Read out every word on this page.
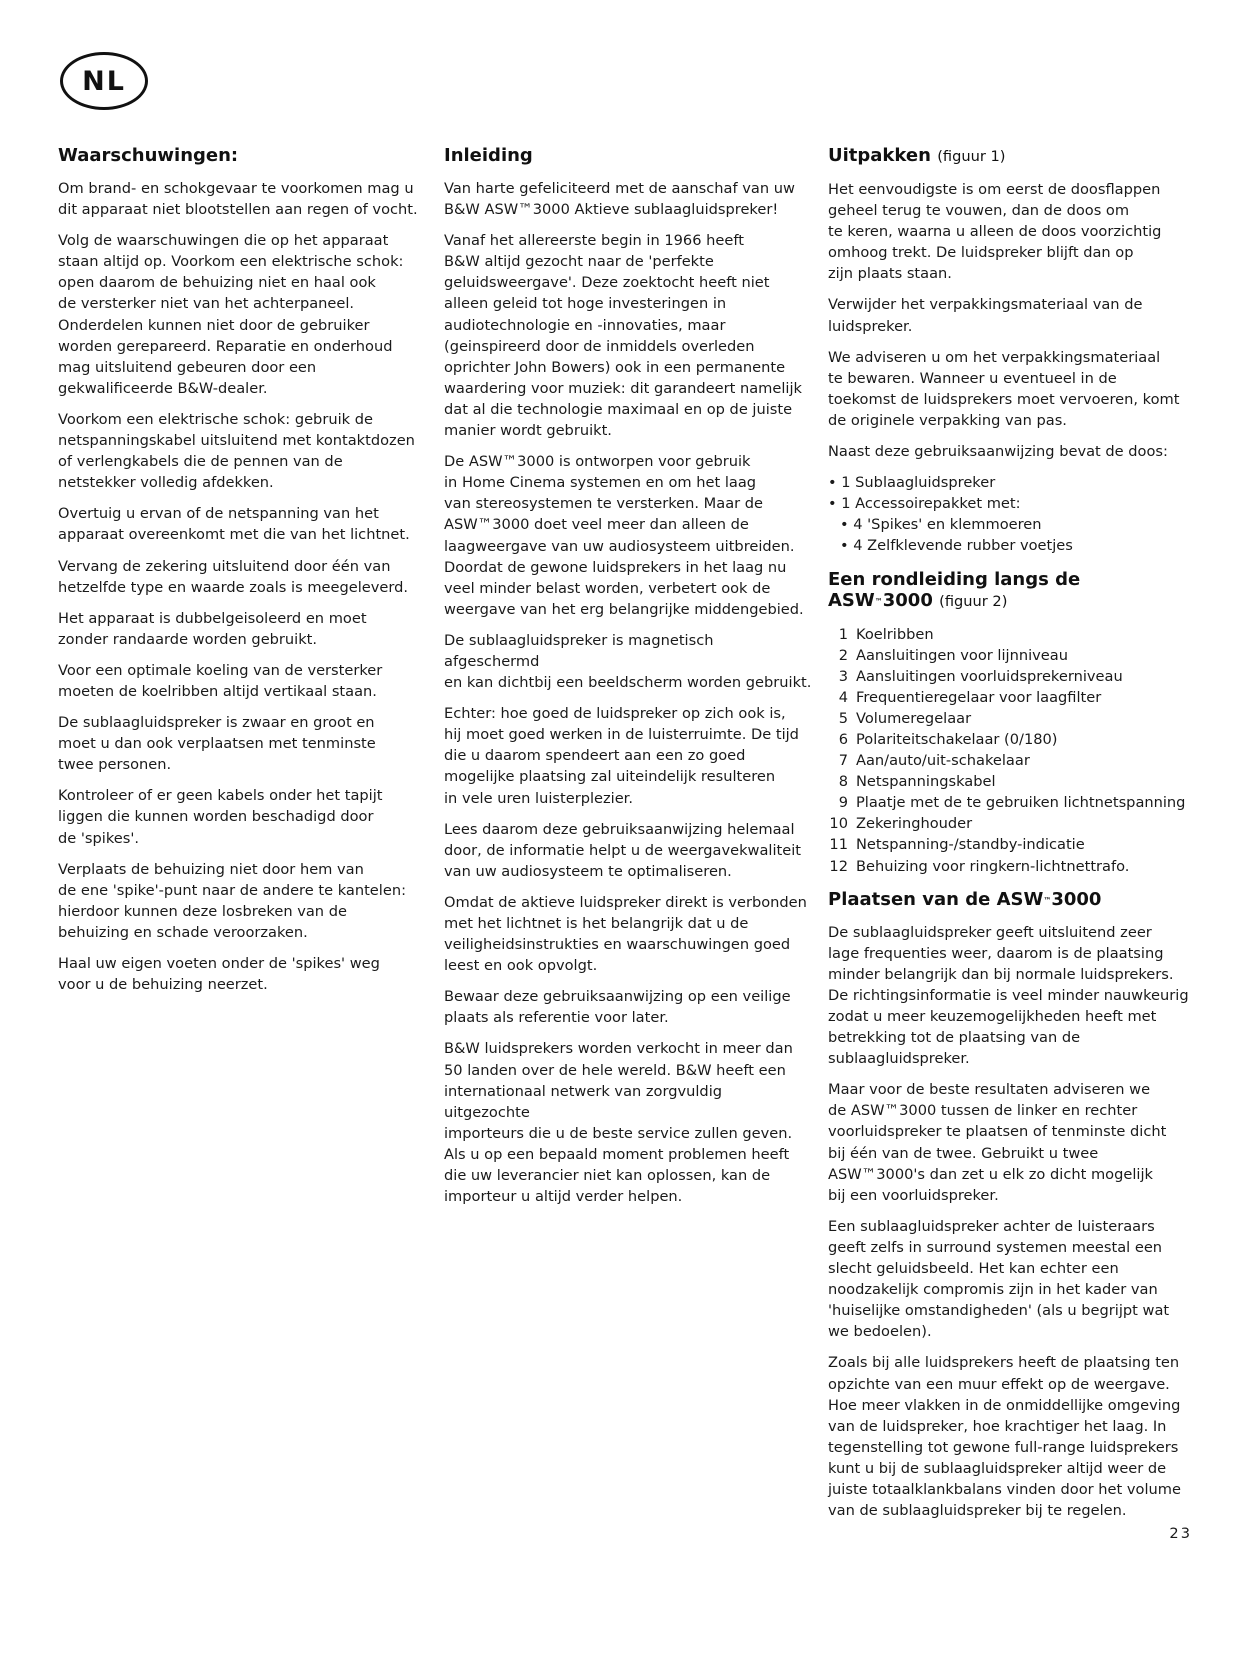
NL
Waarschuwingen:

Om brand- en schokgevaar te voorkomen mag u
dit apparaat niet blootstellen aan regen of vocht.

Volg de waarschuwingen die op het apparaat
staan altijd op. Voorkom een elektrische schok:
open daarom de behuizing niet en haal ook
de versterker niet van het achterpaneel.
Onderdelen kunnen niet door de gebruiker
worden gerepareerd. Reparatie en onderhoud
mag uitsluitend gebeuren door een
gekwalificeerde B&W-dealer.

Voorkom een elektrische schok: gebruik de
netspanningskabel uitsluitend met kontaktdozen
of verlengkabels die de pennen van de
netstekker volledig afdekken.

Overtuig u ervan of de netspanning van het
apparaat overeenkomt met die van het lichtnet.

Vervang de zekering uitsluitend door één van
hetzelfde type en waarde zoals is meegeleverd.

Het apparaat is dubbelgeisoleerd en moet
zonder randaarde worden gebruikt.

Voor een optimale koeling van de versterker
moeten de koelribben altijd vertikaal staan.

De sublaagluidspreker is zwaar en groot en
moet u dan ook verplaatsen met tenminste
twee personen.

Kontroleer of er geen kabels onder het tapijt
liggen die kunnen worden beschadigd door
de 'spikes'.

Verplaats de behuizing niet door hem van
de ene 'spike'-punt naar de andere te kantelen:
hierdoor kunnen deze losbreken van de
behuizing en schade veroorzaken.

Haal uw eigen voeten onder de 'spikes' weg
voor u de behuizing neerzet.

Inleiding

Van harte gefeliciteerd met de aanschaf van uw
B&W ASW™3000 Aktieve sublaagluidspreker!

Vanaf het allereerste begin in 1966 heeft
B&W altijd gezocht naar de 'perfekte
geluidsweergave'. Deze zoektocht heeft niet
alleen geleid tot hoge investeringen in
audiotechnologie en -innovaties, maar
(geinspireerd door de inmiddels overleden
oprichter John Bowers) ook in een permanente
waardering voor muziek: dit garandeert namelijk
dat al die technologie maximaal en op de juiste
manier wordt gebruikt.

De ASW™3000 is ontworpen voor gebruik
in Home Cinema systemen en om het laag
van stereosystemen te versterken. Maar de
ASW™3000 doet veel meer dan alleen de
laagweergave van uw audiosysteem uitbreiden.
Doordat de gewone luidsprekers in het laag nu
veel minder belast worden, verbetert ook de
weergave van het erg belangrijke middengebied.

De sublaagluidspreker is magnetisch afgeschermd
en kan dichtbij een beeldscherm worden gebruikt.

Echter: hoe goed de luidspreker op zich ook is,
hij moet goed werken in de luisterruimte. De tijd
die u daarom spendeert aan een zo goed
mogelijke plaatsing zal uiteindelijk resulteren
in vele uren luisterplezier.

Lees daarom deze gebruiksaanwijzing helemaal
door, de informatie helpt u de weergavekwaliteit
van uw audiosysteem te optimaliseren.

Omdat de aktieve luidspreker direkt is verbonden
met het lichtnet is het belangrijk dat u de
veiligheidsinstrukties en waarschuwingen goed
leest en ook opvolgt.

Bewaar deze gebruiksaanwijzing op een veilige
plaats als referentie voor later.

B&W luidsprekers worden verkocht in meer dan
50 landen over de hele wereld. B&W heeft een
internationaal netwerk van zorgvuldig uitgezochte
importeurs die u de beste service zullen geven.
Als u op een bepaald moment problemen heeft
die uw leverancier niet kan oplossen, kan de
importeur u altijd verder helpen.

Uitpakken (figuur 1)

Het eenvoudigste is om eerst de doosflappen
geheel terug te vouwen, dan de doos om
te keren, waarna u alleen de doos voorzichtig
omhoog trekt. De luidspreker blijft dan op
zijn plaats staan.

Verwijder het verpakkingsmateriaal van de
luidspreker.

We adviseren u om het verpakkingsmateriaal
te bewaren. Wanneer u eventueel in de
toekomst de luidsprekers moet vervoeren, komt
de originele verpakking van pas.

Naast deze gebruiksaanwijzing bevat de doos:

• 1 Sublaagluidspreker
• 1 Accessoirepakket met:
• 4 'Spikes' en klemmoeren
• 4 Zelfklevende rubber voetjes
Een rondleiding langs de
ASW™3000 (figuur 2)
1 Koelribben
2 Aansluitingen voor lijnniveau
3 Aansluitingen voorluidsprekerniveau
4 Frequentieregelaar voor laagfilter
5 Volumeregelaar
6 Polariteitschakelaar (0/180)
7 Aan/auto/uit-schakelaar
8 Netspanningskabel
9 Plaatje met de te gebruiken lichtnetspanning
10 Zekeringhouder
11 Netspanning-/standby-indicatie
12 Behuizing voor ringkern-lichtnettrafo.
Plaatsen van de ASW™3000

De sublaagluidspreker geeft uitsluitend zeer
lage frequenties weer, daarom is de plaatsing
minder belangrijk dan bij normale luidsprekers.
De richtingsinformatie is veel minder nauwkeurig
zodat u meer keuzemogelijkheden heeft met
betrekking tot de plaatsing van de
sublaagluidspreker.

Maar voor de beste resultaten adviseren we
de ASW™3000 tussen de linker en rechter
voorluidspreker te plaatsen of tenminste dicht
bij één van de twee. Gebruikt u twee
ASW™3000's dan zet u elk zo dicht mogelijk
bij een voorluidspreker.

Een sublaagluidspreker achter de luisteraars
geeft zelfs in surround systemen meestal een
slecht geluidsbeeld. Het kan echter een
noodzakelijk compromis zijn in het kader van
'huiselijke omstandigheden' (als u begrijpt wat
we bedoelen).

Zoals bij alle luidsprekers heeft de plaatsing ten
opzichte van een muur effekt op de weergave.
Hoe meer vlakken in de onmiddellijke omgeving
van de luidspreker, hoe krachtiger het laag. In
tegenstelling tot gewone full-range luidsprekers
kunt u bij de sublaagluidspreker altijd weer de
juiste totaalklankbalans vinden door het volume
van de sublaagluidspreker bij te regelen.

23
